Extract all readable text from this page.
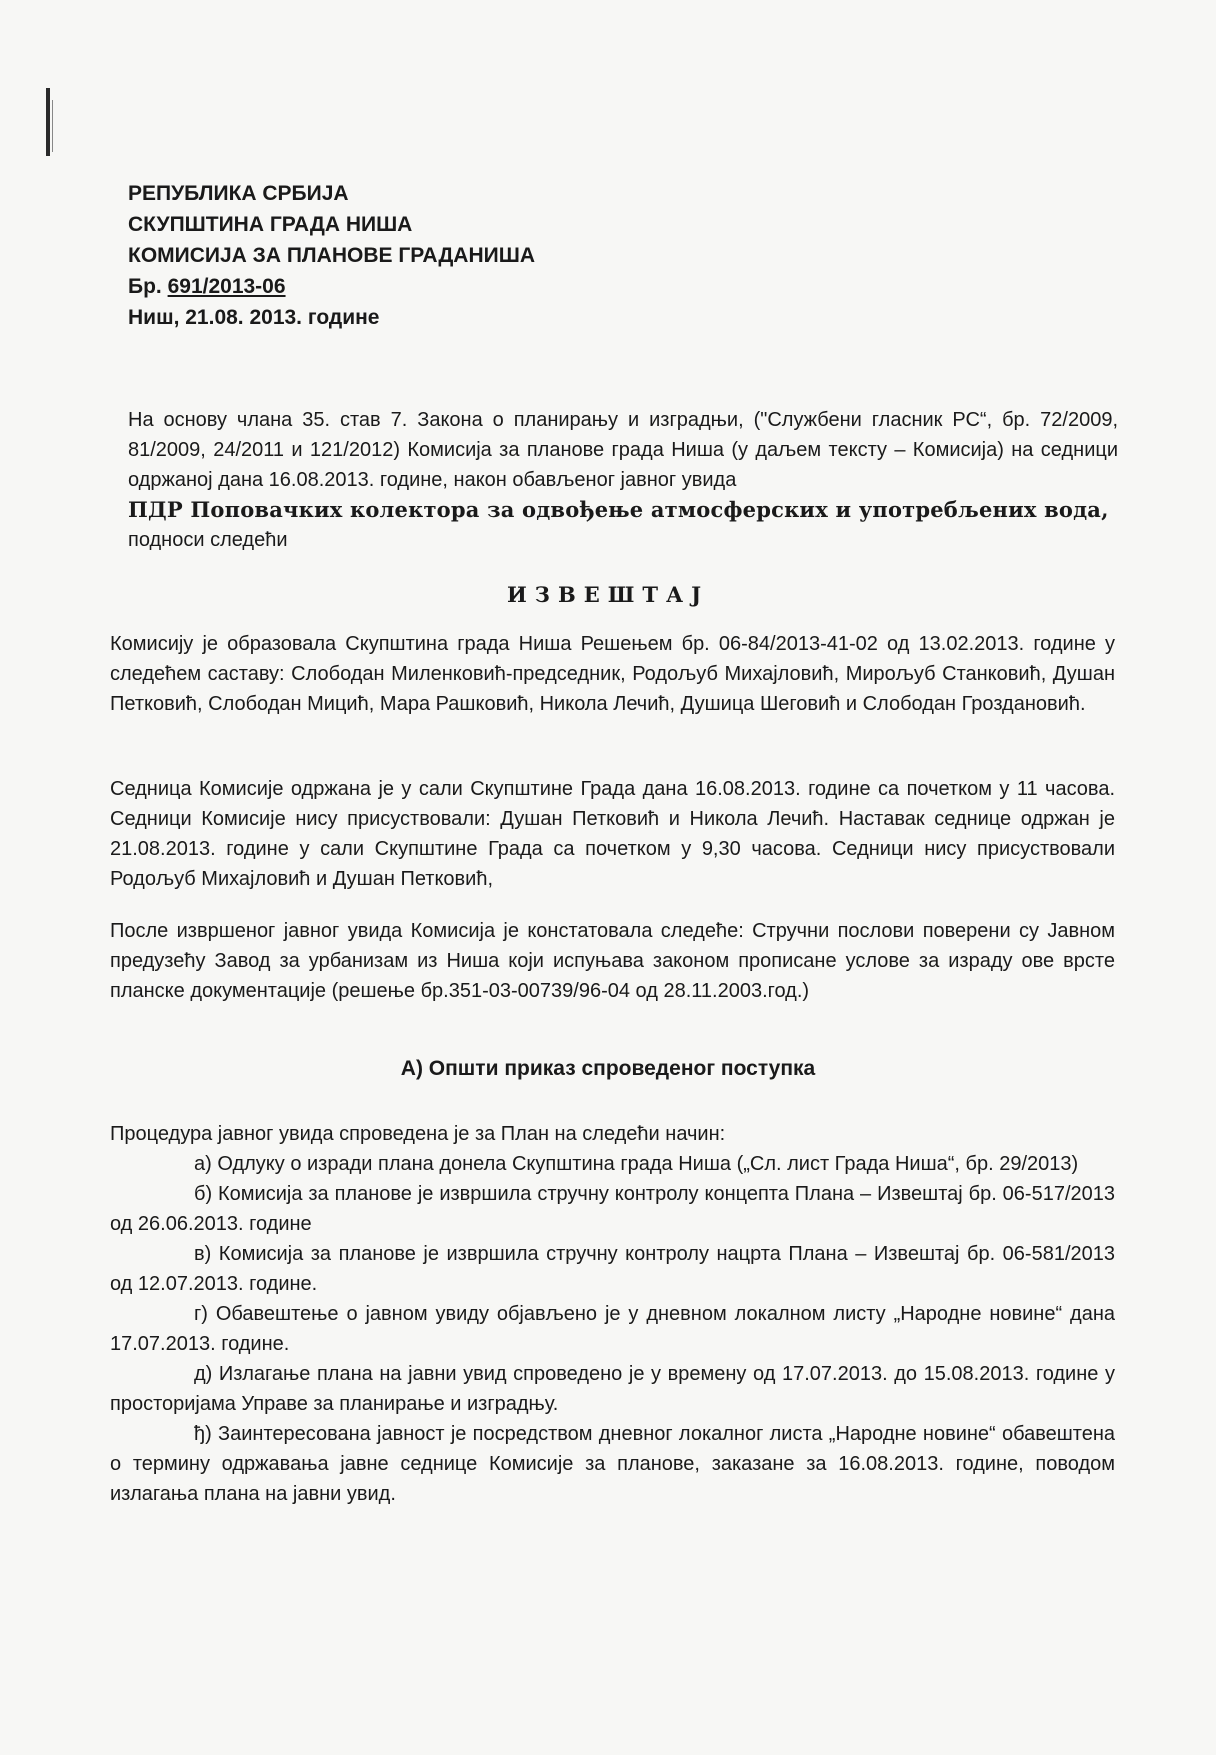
РЕПУБЛИКА СРБИЈА
СКУПШТИНА ГРАДА НИША
КОМИСИЈА ЗА ПЛАНОВЕ ГРАДАНИША
Бр. 691/2013-06
Ниш, 21.08. 2013. године
На основу члана 35. став 7. Закона о планирању и изградњи, ("Службени гласник РС“, бр. 72/2009, 81/2009, 24/2011 и 121/2012) Комисија за планове града Ниша (у даљем тексту – Комисија) на седници одржаној дана 16.08.2013. године, након обављеног јавног увида
ПДР Поповачких колектора за одвођење атмосферских и употребљених вода,
подноси следећи
ИЗВЕШТАЈ
Комисију је образовала Скупштина града Ниша Решењем бр. 06-84/2013-41-02 од 13.02.2013. године у следећем саставу: Слободан Миленковић-председник, Родољуб Михајловић, Мирољуб Станковић, Душан Петковић, Слободан Мицић, Мара Рашковић, Никола Лечић, Душица Шеговић и Слободан Гроздановић.
Седница Комисије одржана је у сали Скупштине Града дана 16.08.2013. године са почетком у 11 часова. Седници Комисије нису присуствовали: Душан Петковић и Никола Лечић. Наставак седнице одржан је 21.08.2013. године у сали Скупштине Града са почетком у 9,30 часова. Седници нису присуствовали Родољуб Михајловић и Душан Петковић,
После извршеног јавног увида Комисија је констатовала следеће: Стручни послови поверени су Јавном предузећу Завод за урбанизам из Ниша који испуњава законом прописане услове за израду ове врсте планске документације (решење бр.351-03-00739/96-04 од 28.11.2003.год.)
А) Општи приказ спроведеног поступка
Процедура јавног увида спроведена је за План на следећи начин:
а) Одлуку о изради плана донела Скупштина града Ниша („Сл. лист Града Ниша“, бр. 29/2013)
б) Комисија за планове је извршила стручну контролу концепта Плана – Извештај бр. 06-517/2013 од 26.06.2013. године
в) Комисија за планове је извршила стручну контролу нацрта Плана – Извештај бр. 06-581/2013 од 12.07.2013. године.
г) Обавештење о јавном увиду објављено је у дневном локалном листу „Народне новине“ дана 17.07.2013. године.
д) Излагање плана на јавни увид спроведено је у времену од 17.07.2013. до 15.08.2013. године у просторијама Управе за планирање и изградњу.
ђ) Заинтересована јавност је посредством дневног локалног листа „Народне новине“ обавештена о термину одржавања јавне седнице Комисије за планове, заказане за 16.08.2013. године, поводом излагања плана на јавни увид.
